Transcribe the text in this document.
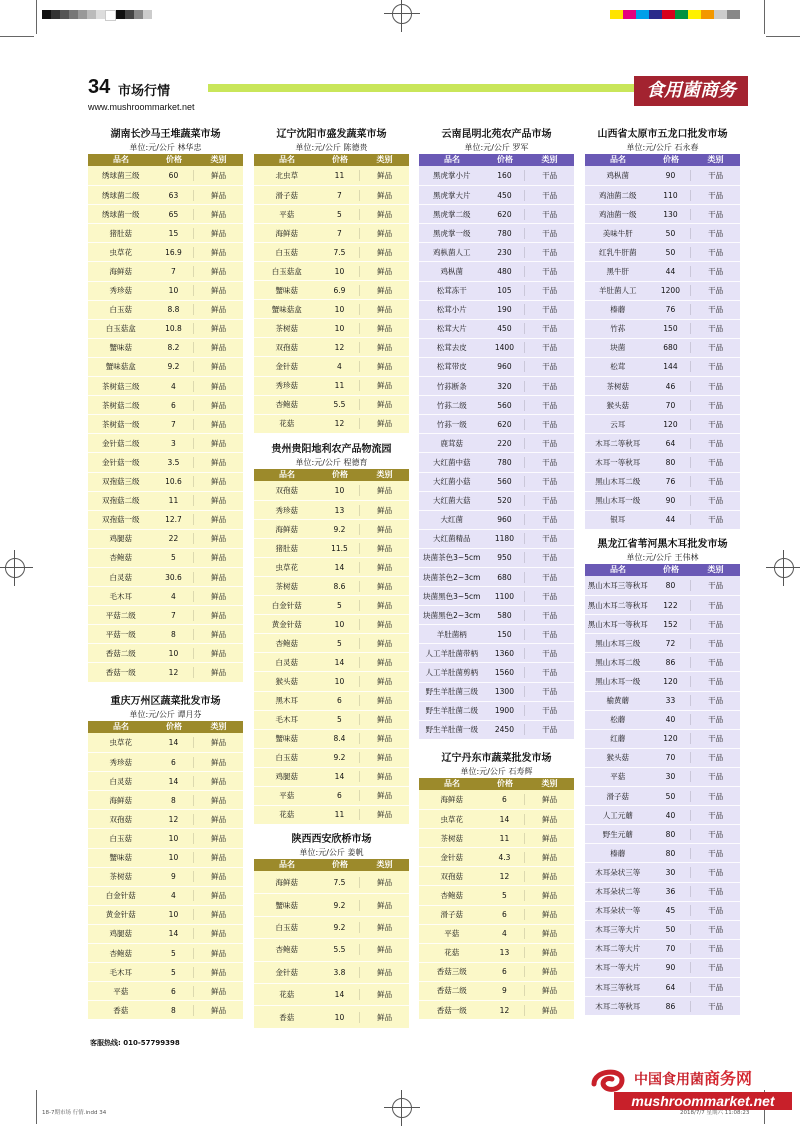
34 市场行情
www.mushroommarket.net
食用菌商务
湖南长沙马王堆蔬菜市场
单位:元/公斤 林华忠
品名	价格	类别
绣球菌三级	60	鲜品
绣球菌二级	63	鲜品
绣球菌一级	65	鲜品
猪肚菇	15	鲜品
虫草花	16.9	鲜品
海鲜菇	7	鲜品
秀珍菇	10	鲜品
白玉菇	8.8	鲜品
白玉菇盒	10.8	鲜品
蟹味菇	8.2	鲜品
蟹味菇盒	9.2	鲜品
茶树菇三级	4	鲜品
茶树菇二级	6	鲜品
茶树菇一级	7	鲜品
金针菇二级	3	鲜品
金针菇一级	3.5	鲜品
双孢菇三级	10.6	鲜品
双孢菇二级	11	鲜品
双孢菇一级	12.7	鲜品
鸡腿菇	22	鲜品
杏鲍菇	5	鲜品
白灵菇	30.6	鲜品
毛木耳	4	鲜品
平菇二级	7	鲜品
平菇一级	8	鲜品
香菇二级	10	鲜品
香菇一级	12	鲜品
重庆万州区蔬菜批发市场
单位:元/公斤 谭月芬
品名	价格	类别
虫草花	14	鲜品
秀珍菇	6	鲜品
白灵菇	14	鲜品
海鲜菇	8	鲜品
双孢菇	12	鲜品
白玉菇	10	鲜品
蟹味菇	10	鲜品
茶树菇	9	鲜品
白金针菇	4	鲜品
黄金针菇	10	鲜品
鸡腿菇	14	鲜品
杏鲍菇	5	鲜品
毛木耳	5	鲜品
平菇	6	鲜品
香菇	8	鲜品
辽宁沈阳市盛发蔬菜市场
单位:元/公斤 陈德贵
品名	价格	类别
北虫草	11	鲜品
滑子菇	7	鲜品
平菇	5	鲜品
海鲜菇	7	鲜品
白玉菇	7.5	鲜品
白玉菇盒	10	鲜品
蟹味菇	6.9	鲜品
蟹味菇盒	10	鲜品
茶树菇	10	鲜品
双孢菇	12	鲜品
金针菇	4	鲜品
秀珍菇	11	鲜品
杏鲍菇	5.5	鲜品
花菇	12	鲜品
贵州贵阳地利农产品物流园
单位:元/公斤 程德育
品名	价格	类别
双孢菇	10	鲜品
秀珍菇	13	鲜品
海鲜菇	9.2	鲜品
猪肚菇	11.5	鲜品
虫草花	14	鲜品
茶树菇	8.6	鲜品
白金针菇	5	鲜品
黄金针菇	10	鲜品
杏鲍菇	5	鲜品
白灵菇	14	鲜品
猴头菇	10	鲜品
黑木耳	6	鲜品
毛木耳	5	鲜品
蟹味菇	8.4	鲜品
白玉菇	9.2	鲜品
鸡腿菇	14	鲜品
平菇	6	鲜品
花菇	11	鲜品
陕西西安欣桥市场
单位:元/公斤 姜帆
品名	价格	类别
海鲜菇	7.5	鲜品
蟹味菇	9.2	鲜品
白玉菇	9.2	鲜品
杏鲍菇	5.5	鲜品
金针菇	3.8	鲜品
花菇	14	鲜品
香菇	10	鲜品
云南昆明北苑农产品市场
单位:元/公斤 罗军
品名	价格	类别
黑虎掌小片	160	干品
黑虎掌大片	450	干品
黑虎掌二级	620	干品
黑虎掌一级	780	干品
鸡枞菌人工	230	干品
鸡枞菌	480	干品
松茸冻干	105	干品
松茸小片	190	干品
松茸大片	450	干品
松茸去皮	1400	干品
松茸带皮	960	干品
竹荪断条	320	干品
竹荪二级	560	干品
竹荪一级	620	干品
鹿茸菇	220	干品
大红菌中菇	780	干品
大红菌小菇	560	干品
大红菌大菇	520	干品
大红菌	960	干品
大红菌精品	1180	干品
块菌茶色3~5cm	950	干品
块菌茶色2~3cm	680	干品
块菌黑色3~5cm	1100	干品
块菌黑色2~3cm	580	干品
羊肚菌柄	150	干品
人工羊肚菌带柄	1360	干品
人工羊肚菌剪柄	1560	干品
野生羊肚菌三级	1300	干品
野生羊肚菌二级	1900	干品
野生羊肚菌一级	2450	干品
辽宁丹东市蔬菜批发市场
单位:元/公斤 石寿辉
品名	价格	类别
海鲜菇	6	鲜品
虫草花	14	鲜品
茶树菇	11	鲜品
金针菇	4.3	鲜品
双孢菇	12	鲜品
杏鲍菇	5	鲜品
滑子菇	6	鲜品
平菇	4	鲜品
花菇	13	鲜品
香菇三级	6	鲜品
香菇二级	9	鲜品
香菇一级	12	鲜品
山西省太原市五龙口批发市场
单位:元/公斤 石永春
品名	价格	类别
鸡枞菌	90	干品
鸡油菌二级	110	干品
鸡油菌一级	130	干品
美味牛肝	50	干品
红乳牛肝菌	50	干品
黑牛肝	44	干品
羊肚菌人工	1200	干品
榛蘑	76	干品
竹荪	150	干品
块菌	680	干品
松茸	144	干品
茶树菇	46	干品
猴头菇	70	干品
云耳	120	干品
木耳二等秋耳	64	干品
木耳一等秋耳	80	干品
黑山木耳二级	76	干品
黑山木耳一级	90	干品
银耳	44	干品
黑龙江省苇河黑木耳批发市场
单位:元/公斤 王伟林
品名	价格	类别
黑山木耳三等秋耳	80	干品
黑山木耳二等秋耳	122	干品
黑山木耳一等秋耳	152	干品
黑山木耳三级	72	干品
黑山木耳二级	86	干品
黑山木耳一级	120	干品
榆黄蘑	33	干品
松蘑	40	干品
红蘑	120	干品
猴头菇	70	干品
平菇	30	干品
滑子菇	50	干品
人工元蘑	40	干品
野生元蘑	80	干品
榛蘑	80	干品
木耳朵状三等	30	干品
木耳朵状二等	36	干品
木耳朵状一等	45	干品
木耳三等大片	50	干品
木耳二等大片	70	干品
木耳一等大片	90	干品
木耳三等秋耳	64	干品
木耳二等秋耳	86	干品
客服热线: 010-57799398
中国食用菌商务网
mushroommarket.net
18-7期市场 行情.indd 34	2018/7/7 星期六 11:08:23
